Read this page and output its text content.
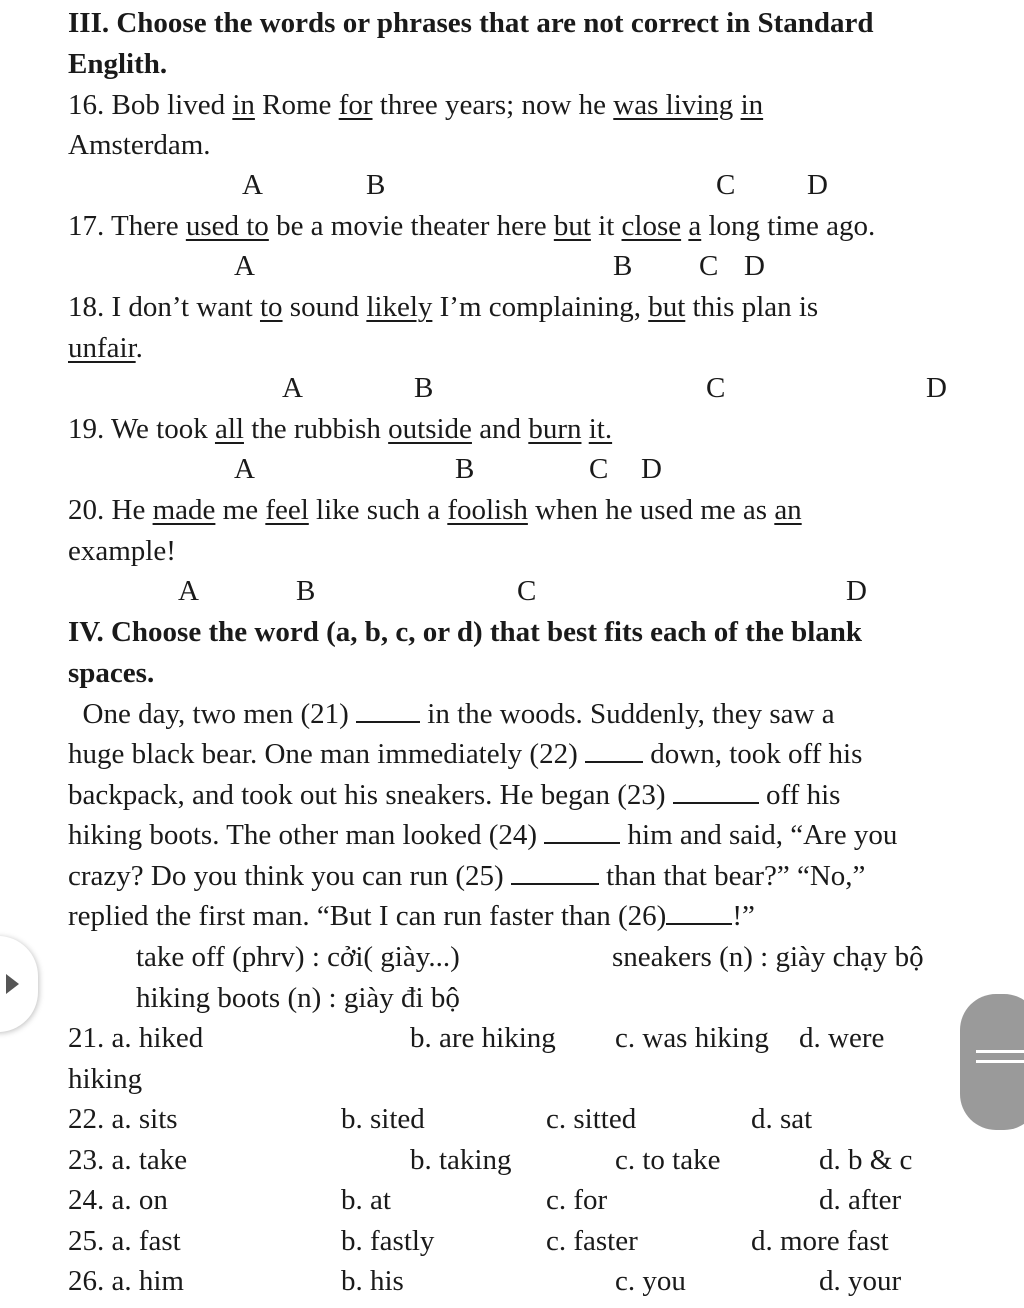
III. Choose the words or phrases that are not correct in Standard
Englith.
16. Bob lived in Rome for three years; now he was living in
Amsterdam.
A	B	C D
17. There used to be a movie theater here but it close a long time ago.
A	B C D
18. I don’t want to sound likely I’m complaining, but this plan is
unfair.
A	B	C	D
19. We took all the rubbish outside and burn it.
A	B	C D
20. He made me feel like such a foolish when he used me as an
example!
A	B	C	D
IV. Choose the word (a, b, c, or d) that best fits each of the blank
spaces.
One day, two men (21)  in the woods. Suddenly, they saw a
huge black bear. One man immediately (22)  down, took off his
backpack, and took out his sneakers. He began (23)	off his
hiking boots. The other man looked (24)	him and said, “Are you
crazy? Do you think you can run (25)	than that bear?” “No,”
replied the first man. “But I can run faster than (26) !”
take off (phrv) : cởi( giày...)	sneakers (n) : giày chạy bộ
hiking boots (n) : giày đi bộ
21. a. hiked	b. are hiking c. was hiking d. were
hiking
22. a. sits	b. sited	c. sitted	d. sat
23. a. take	b. taking	c. to take	d. b & c
24. a. on	b. at	c. for	d. after
25. a. fast	b. fastly	c. faster	d. more fast
26. a. him	b. his	c. you	d. your
